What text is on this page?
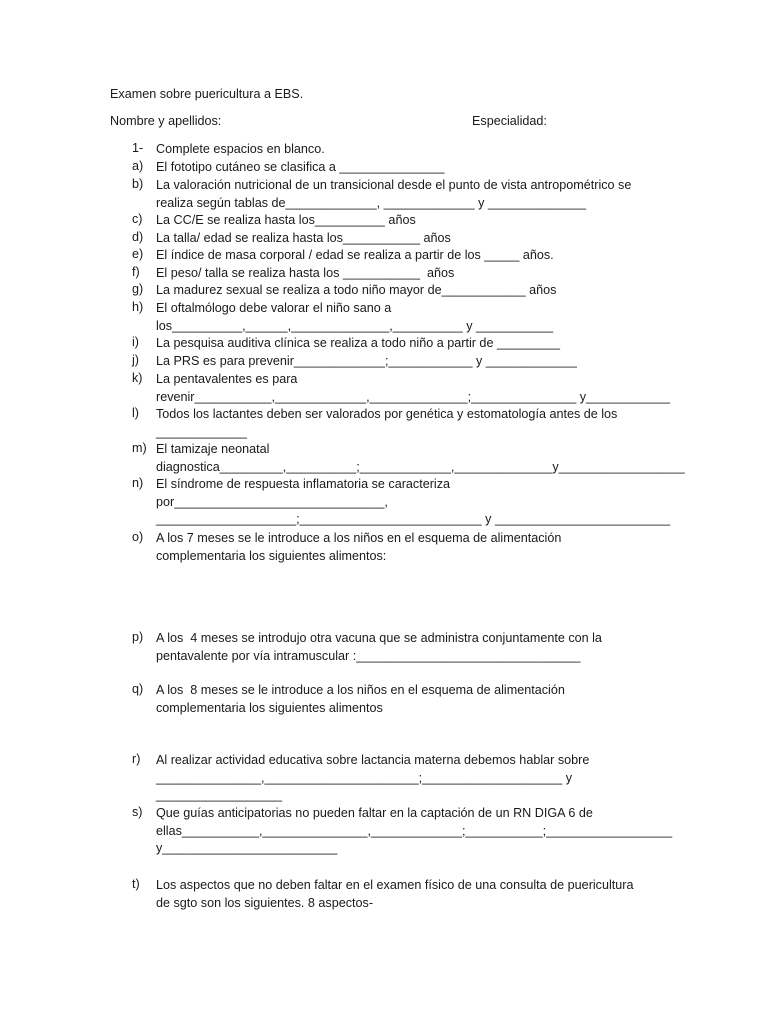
Examen sobre puericultura a EBS.
Nombre y apellidos:	Especialidad:
1- Complete espacios en blanco.
a) El fototipo cutáneo se clasifica a _______________
b) La valoración nutricional de un transicional desde el punto de vista antropométrico se
realiza según tablas de_____________, _____________ y ______________
c) La CC/E se realiza hasta los__________ años
d) La talla/ edad se realiza hasta los___________ años
e) El índice de masa corporal / edad se realiza a partir de los _____ años.
f) El peso/ talla se realiza hasta los ___________  años
g) La madurez sexual se realiza a todo niño mayor de____________ años
h) El oftalmólogo debe valorar el niño sano a
los__________,______,______________,__________ y ___________
i) La pesquisa auditiva clínica se realiza a todo niño a partir de _________
j) La PRS es para prevenir_____________;____________ y _____________
k) La pentavalentes es para
revenir___________,_____________,______________;_______________ y____________
l) Todos los lactantes deben ser valorados por genética y estomatología antes de los
_____________
m) El tamizaje neonatal
diagnostica_________,__________;_____________,______________y__________________
n) El síndrome de respuesta inflamatoria se caracteriza
por______________________________,
____________________;__________________________ y _________________________
o) A los 7 meses se le introduce a los niños en el esquema de alimentación
complementaria los siguientes alimentos:
p) A los  4 meses se introdujo otra vacuna que se administra conjuntamente con la
pentavalente por vía intramuscular :________________________________
q) A los  8 meses se le introduce a los niños en el esquema de alimentación
complementaria los siguientes alimentos
r) Al realizar actividad educativa sobre lactancia materna debemos hablar sobre
_______________,______________________;____________________ y
__________________
s) Que guías anticipatorias no pueden faltar en la captación de un RN DIGA 6 de
ellas___________,_______________,_____________;___________;__________________
y_________________________
t) Los aspectos que no deben faltar en el examen físico de una consulta de puericultura
de sgto son los siguientes. 8 aspectos-
